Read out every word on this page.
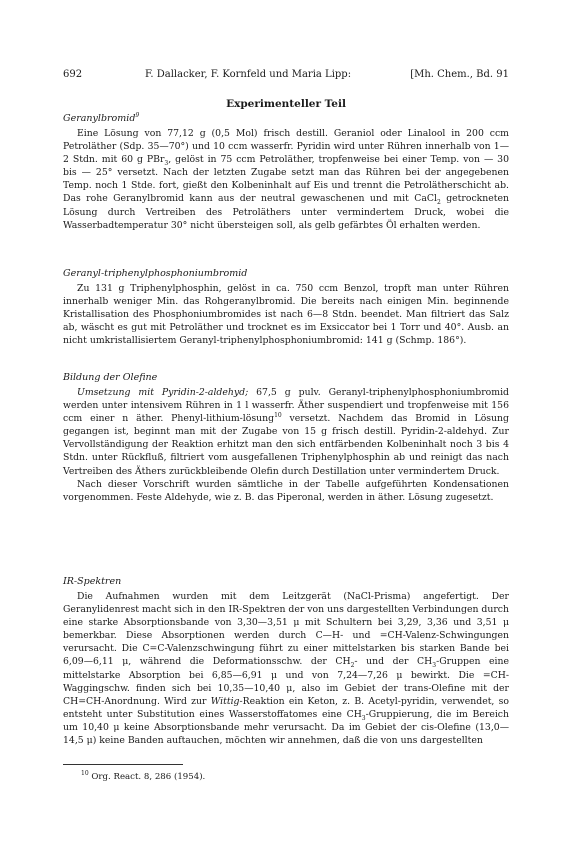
692	F. Dallacker, F. Kornfeld und Maria Lipp:	[Mh. Chem., Bd. 91
Experimenteller Teil
Geranylbromid$^9$

Eine Lösung von 77,12 g (0,5 Mol) frisch destill. Geraniol oder Linalool in 200 ccm Petroläther (Sdp. 35—70°) und 10 ccm wasserfr. Pyridin wird unter Rühren innerhalb von 1—2 Stdn. mit 60 g PBr$_3$, gelöst in 75 ccm Petroläther, tropfenweise bei einer Temp. von — 30 bis — 25° versetzt. Nach der letzten Zugabe setzt man das Rühren bei der angegebenen Temp. noch 1 Stde. fort, gießt den Kolbeninhalt auf Eis und trennt die Petrolätherschicht ab. Das rohe Geranylbromid kann aus der neutral gewaschenen und mit CaCl$_2$ getrockneten Lösung durch Vertreiben des Petroläthers unter vermindertem Druck, wobei die Wasserbadtemperatur 30° nicht übersteigen soll, als gelb gefärbtes Öl erhalten werden.

Geranyl-triphenylphosphoniumbromid

Zu 131 g Triphenylphosphin, gelöst in ca. 750 ccm Benzol, tropft man unter Rühren innerhalb weniger Min. das Rohgeranylbromid. Die bereits nach einigen Min. beginnende Kristallisation des Phosphoniumbromides ist nach 6—8 Stdn. beendet. Man filtriert das Salz ab, wäscht es gut mit Petroläther und trocknet es im Exsiccator bei 1 Torr und 40°. Ausb. an nicht umkristallisiertem Geranyl-triphenylphosphoniumbromid: 141 g (Schmp. 186°).

Bildung der Olefine

Umsetzung mit Pyridin-2-aldehyd; 67,5 g pulv. Geranyl-triphenylphosphoniumbromid werden unter intensivem Rühren in 1 l wasserfr. Äther suspendiert und tropfenweise mit 156 ccm einer n äther. Phenyl-lithium-lösung$^{10}$ versetzt. Nachdem das Bromid in Lösung gegangen ist, beginnt man mit der Zugabe von 15 g frisch destill. Pyridin-2-aldehyd. Zur Vervollständigung der Reaktion erhitzt man den sich entfärbenden Kolbeninhalt noch 3 bis 4 Stdn. unter Rückfluß, filtriert vom ausgefallenen Triphenylphosphin ab und reinigt das nach Vertreiben des Äthers zurückbleibende Olefin durch Destillation unter vermindertem Druck.

Nach dieser Vorschrift wurden sämtliche in der Tabelle aufgeführten Kondensationen vorgenommen. Feste Aldehyde, wie z. B. das Piperonal, werden in äther. Lösung zugesetzt.

IR-Spektren

Die Aufnahmen wurden mit dem Leitzgerät (NaCl-Prisma) angefertigt. Der Geranylidenrest macht sich in den IR-Spektren der von uns dargestellten Verbindungen durch eine starke Absorptionsbande von 3,30—3,51 μ mit Schultern bei 3,29, 3,36 und 3,51 μ bemerkbar. Diese Absorptionen werden durch C—H- und =CH-Valenz-Schwingungen verursacht. Die C=C-Valenzschwingung führt zu einer mittelstarken bis starken Bande bei 6,09—6,11 μ, während die Deformationsschw. der $CH_2-$ und der $CH_3$-Gruppen eine mittelstarke Absorption bei 6,85—6,91 μ und von 7,24—7,26 μ bewirkt. Die =CH-Waggingschw. finden sich bei 10,35—10,40 μ, also im Gebiet der trans-Olefine mit der CH=CH-Anordnung. Wird zur Wittig-Reaktion ein Keton, z. B. Acetyl-pyridin, verwendet, so entsteht unter Substitution eines Wasserstoffatomes eine $CH_3$-Gruppierung, die im Bereich um 10,40 μ keine Absorptionsbande mehr verursacht. Da im Gebiet der cis-Olefine (13,0—14,5 μ) keine Banden auftauchen, möchten wir annehmen, daß die von uns dargestellten

$^{10}$ Org. React. 8, 286 (1954).
